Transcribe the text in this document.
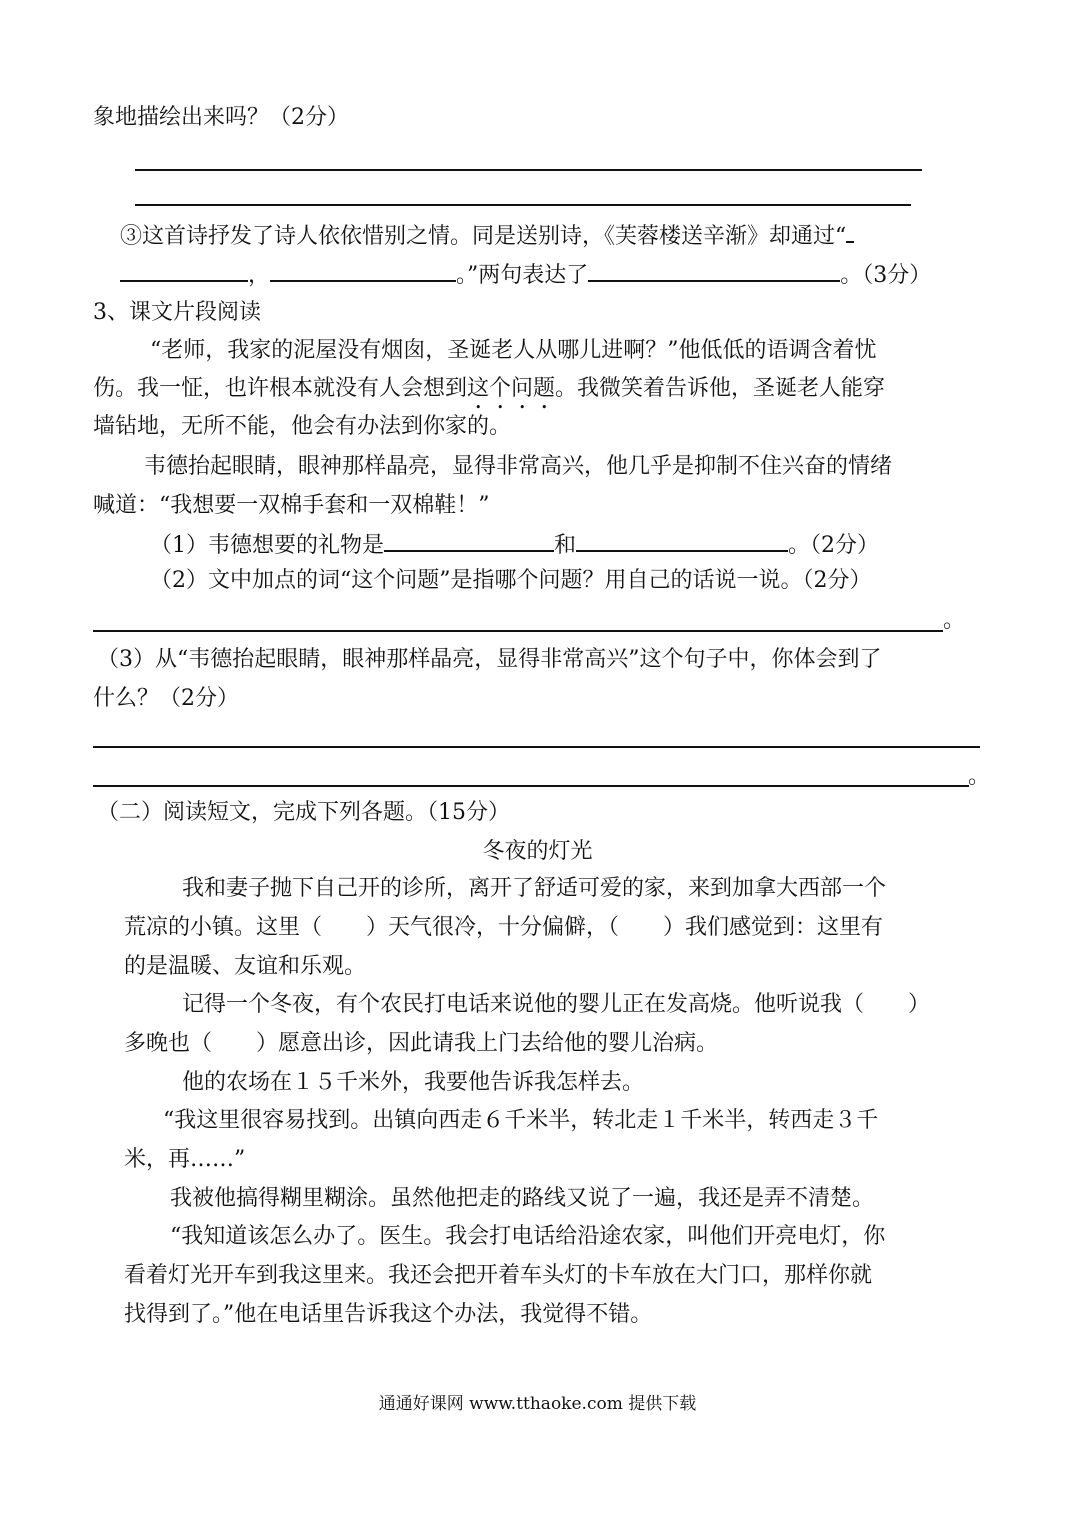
象地描绘出来吗？（2分）
③这首诗抒发了诗人依依惜别之情。同是送别诗，《芙蓉楼送辛渐》却通过“
，	。”两句表达了	。（3分）
3、课文片段阅读
“老师，我家的泥屋没有烟囱，圣诞老人从哪儿进啊？”他低低的语调含着忧
伤。我一怔，也许根本就没有人会想到这个问题。我微笑着告诉他，圣诞老人能穿
墙钻地，无所不能，他会有办法到你家的。
韦德抬起眼睛，眼神那样晶亮，显得非常高兴，他几乎是抑制不住兴奋的情绪
喊道：“我想要一双棉手套和一双棉鞋！”
（1）韦德想要的礼物是	和	。（2分）
（2）文中加点的词“这个问题”是指哪个问题？用自己的话说一说。（2分）
。
（3）从“韦德抬起眼睛，眼神那样晶亮，显得非常高兴”这个句子中，你体会到了
什么？（2分）
。
（二）阅读短文，完成下列各题。（15分）
冬夜的灯光
我和妻子抛下自己开的诊所，离开了舒适可爱的家，来到加拿大西部一个
荒凉的小镇。这里（　　）天气很冷，十分偏僻，（　　）我们感觉到：这里有
的是温暖、友谊和乐观。
记得一个冬夜，有个农民打电话来说他的婴儿正在发高烧。他听说我（　　）
多晚也（　　）愿意出诊，因此请我上门去给他的婴儿治病。
他的农场在１５千米外，我要他告诉我怎样去。
“我这里很容易找到。出镇向西走６千米半，转北走１千米半，转西走３千
米，再……”
我被他搞得糊里糊涂。虽然他把走的路线又说了一遍，我还是弄不清楚。
“我知道该怎么办了。医生。我会打电话给沿途农家，叫他们开亮电灯，你
看着灯光开车到我这里来。我还会把开着车头灯的卡车放在大门口，那样你就
找得到了。”他在电话里告诉我这个办法，我觉得不错。
通通好课网 www.tthaoke.com 提供下载
